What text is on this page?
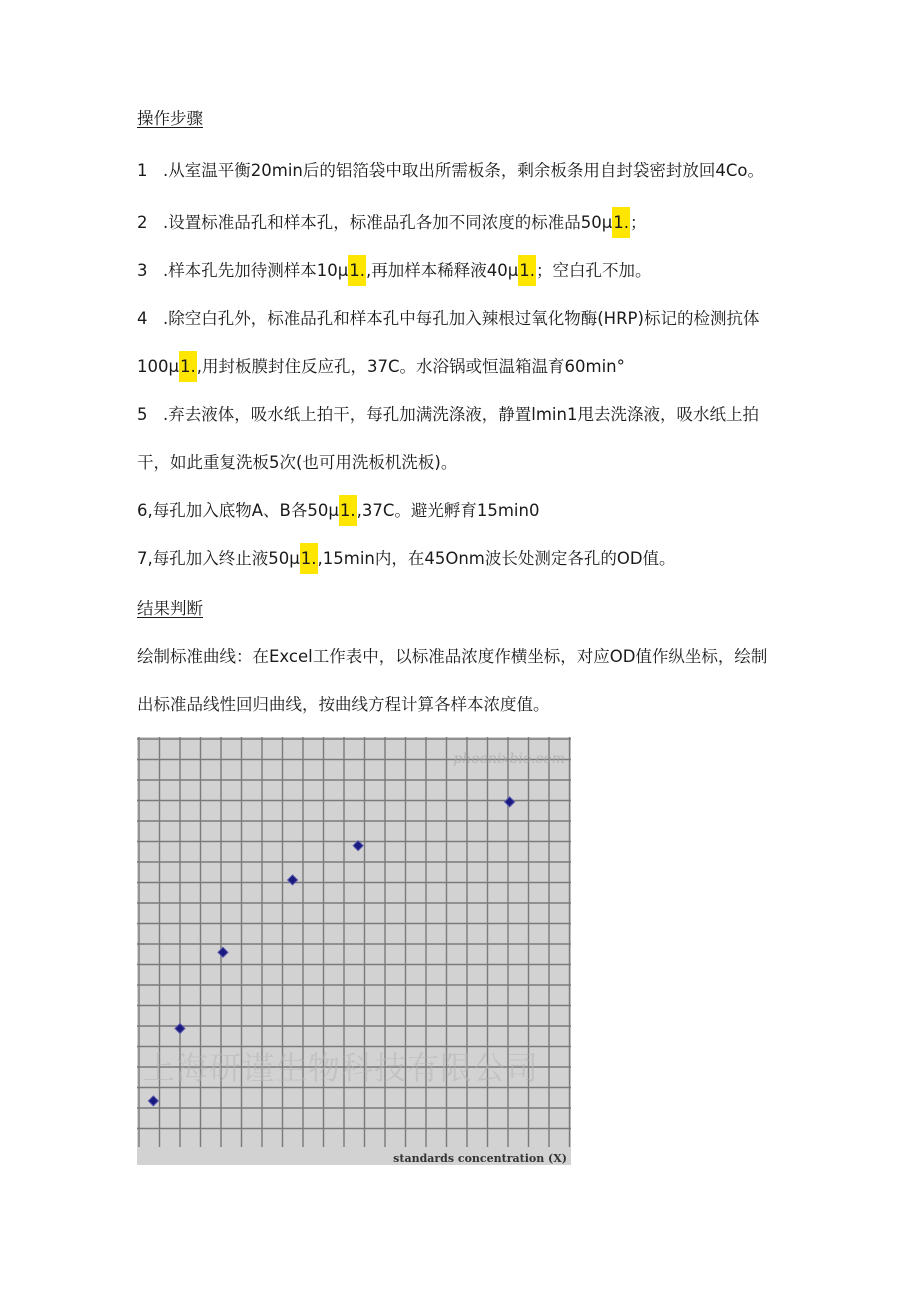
操作步骤
1 .从室温平衡20min后的铝箔袋中取出所需板条，剩余板条用自封袋密封放回4Co。
2 .设置标准品孔和样本孔，标准品孔各加不同浓度的标准品50μ1.；
3 .样本孔先加待测样本10μ1.,再加样本稀释液40μ1.；空白孔不加。
4 .除空白孔外，标准品孔和样本孔中每孔加入辣根过氧化物酶(HRP)标记的检测抗体
100μ1.,用封板膜封住反应孔，37C。水浴锅或恒温箱温育60min°
5 .弃去液体，吸水纸上拍干，每孔加满洗涤液，静置lmin1甩去洗涤液，吸水纸上拍
干，如此重复洗板5次(也可用洗板机洗板)。
6,每孔加入底物A、B各50μ1.,37C。避光孵育15min0
7,每孔加入终止液50μ1.,15min内，在45Onm波长处测定各孔的OD值。
结果判断
绘制标准曲线：在Excel工作表中，以标准品浓度作横坐标，对应OD值作纵坐标，绘制
出标准品线性回归曲线，按曲线方程计算各样本浓度值。
phoenixbio.com
上海研谨生物科技有限公司
standards concentration (X)
